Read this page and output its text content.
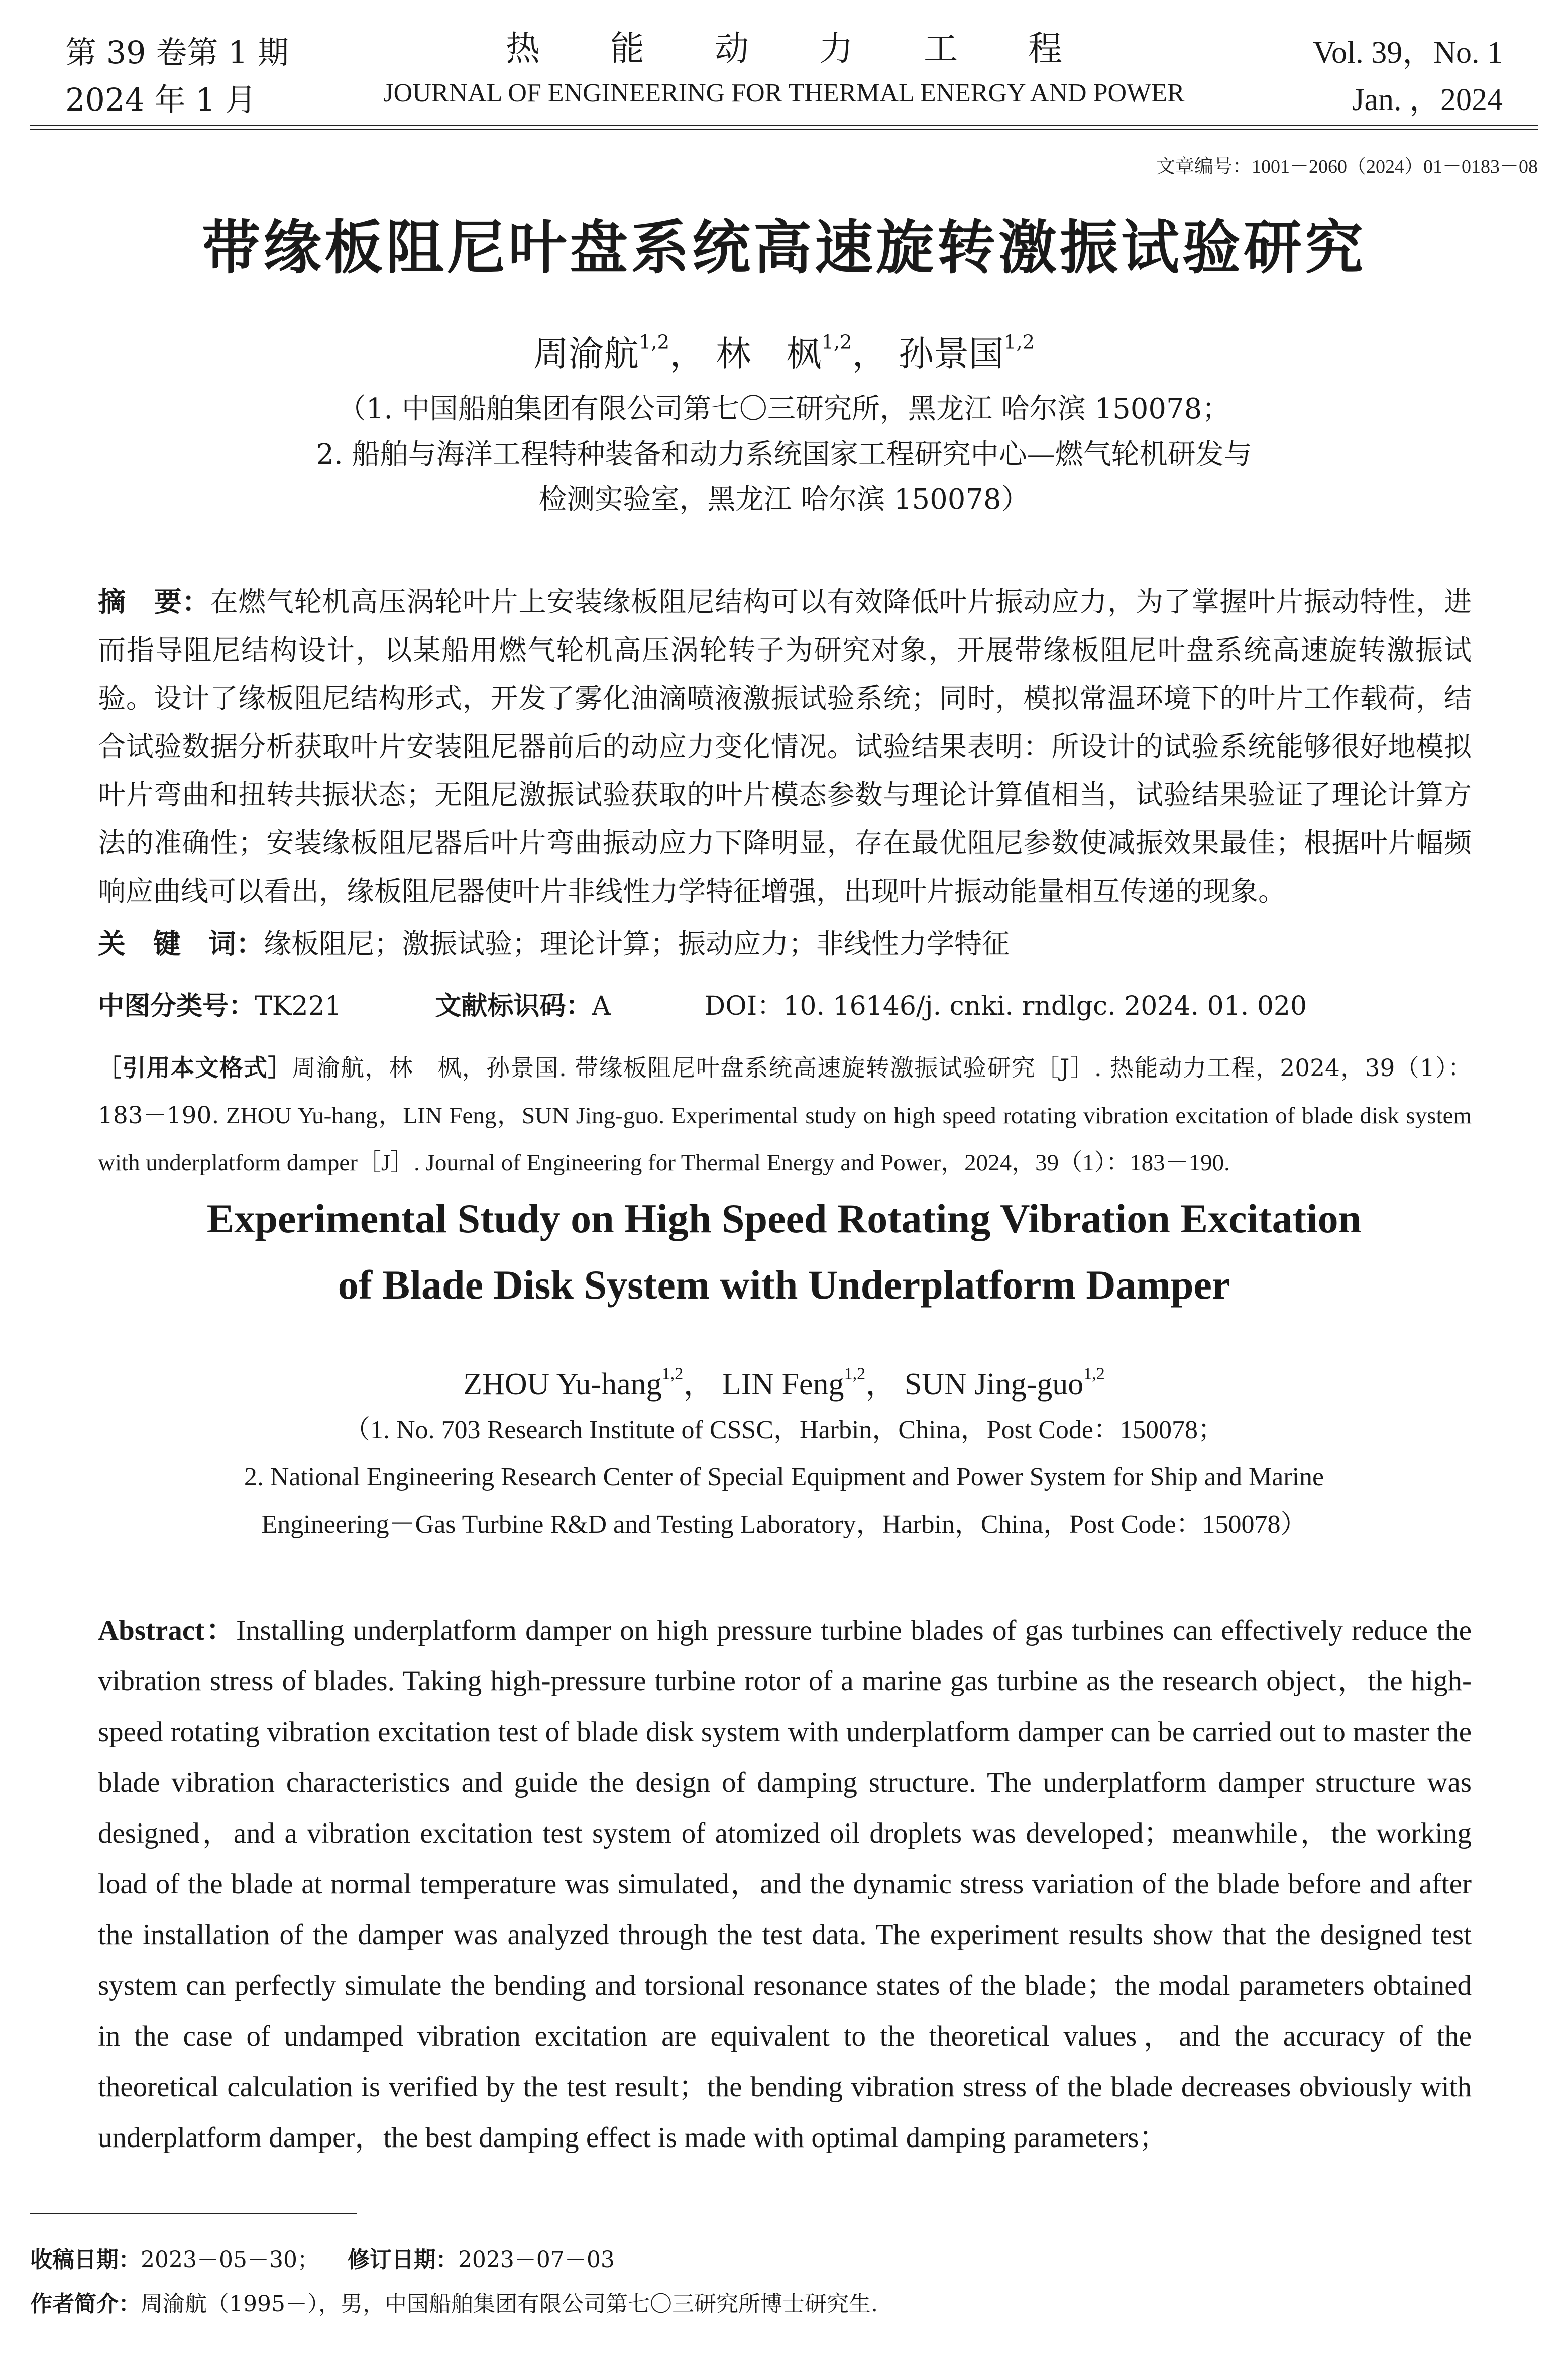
第 39 卷第 1 期
2024 年 1 月
热能动力工程
JOURNAL OF ENGINEERING FOR THERMAL ENERGY AND POWER
Vol. 39，No. 1
Jan. ，2024
文章编号：1001－2060（2024）01－0183－08
带缘板阻尼叶盘系统高速旋转激振试验研究
周渝航$^{1,2}$， 林　枫$^{1,2}$， 孙景国$^{1,2}$
（1. 中国船舶集团有限公司第七〇三研究所，黑龙江 哈尔滨 150078；
2. 船舶与海洋工程特种装备和动力系统国家工程研究中心—燃气轮机研发与
检测实验室，黑龙江 哈尔滨 150078）
摘　要：在燃气轮机高压涡轮叶片上安装缘板阻尼结构可以有效降低叶片振动应力，为了掌握叶片振动特性，进而指导阻尼结构设计，以某船用燃气轮机高压涡轮转子为研究对象，开展带缘板阻尼叶盘系统高速旋转激振试验。设计了缘板阻尼结构形式，开发了雾化油滴喷液激振试验系统；同时，模拟常温环境下的叶片工作载荷，结合试验数据分析获取叶片安装阻尼器前后的动应力变化情况。试验结果表明：所设计的试验系统能够很好地模拟叶片弯曲和扭转共振状态；无阻尼激振试验获取的叶片模态参数与理论计算值相当，试验结果验证了理论计算方法的准确性；安装缘板阻尼器后叶片弯曲振动应力下降明显，存在最优阻尼参数使减振效果最佳；根据叶片幅频响应曲线可以看出，缘板阻尼器使叶片非线性力学特征增强，出现叶片振动能量相互传递的现象。
关　键　词：缘板阻尼；激振试验；理论计算；振动应力；非线性力学特征
中图分类号：TK221	文献标识码：A	DOI：10. 16146/j. cnki. rndlgc. 2024. 01. 020
［引用本文格式］周渝航，林　枫，孙景国. 带缘板阻尼叶盘系统高速旋转激振试验研究［J］. 热能动力工程，2024，39（1）：183－190. ZHOU Yu-hang，LIN Feng，SUN Jing-guo. Experimental study on high speed rotating vibration excitation of blade disk system with underplatform damper［J］. Journal of Engineering for Thermal Energy and Power，2024，39（1）：183－190.
Experimental Study on High Speed Rotating Vibration Excitation
of Blade Disk System with Underplatform Damper
ZHOU Yu-hang$^{1,2}$， LIN Feng$^{1,2}$， SUN Jing-guo$^{1,2}$
（1. No. 703 Research Institute of CSSC，Harbin，China，Post Code：150078；
2. National Engineering Research Center of Special Equipment and Power System for Ship and Marine
Engineering－Gas Turbine R&D and Testing Laboratory，Harbin，China，Post Code：150078）
Abstract：Installing underplatform damper on high pressure turbine blades of gas turbines can effectively reduce the vibration stress of blades. Taking high-pressure turbine rotor of a marine gas turbine as the research object，the high-speed rotating vibration excitation test of blade disk system with underplatform damper can be carried out to master the blade vibration characteristics and guide the design of damping structure. The underplatform damper structure was designed，and a vibration excitation test system of atomized oil droplets was developed；meanwhile，the working load of the blade at normal temperature was simulated，and the dynamic stress variation of the blade before and after the installation of the damper was analyzed through the test data. The experiment results show that the designed test system can perfectly simulate the bending and torsional resonance states of the blade；the modal parameters obtained in the case of undamped vibration excitation are equivalent to the theoretical values，and the accuracy of the theoretical calculation is verified by the test result；the bending vibration stress of the blade decreases obviously with underplatform damper，the best damping effect is made with optimal damping parameters；
收稿日期：2023－05－30； 修订日期：2023－07－03
作者简介：周渝航（1995－），男，中国船舶集团有限公司第七〇三研究所博士研究生.
